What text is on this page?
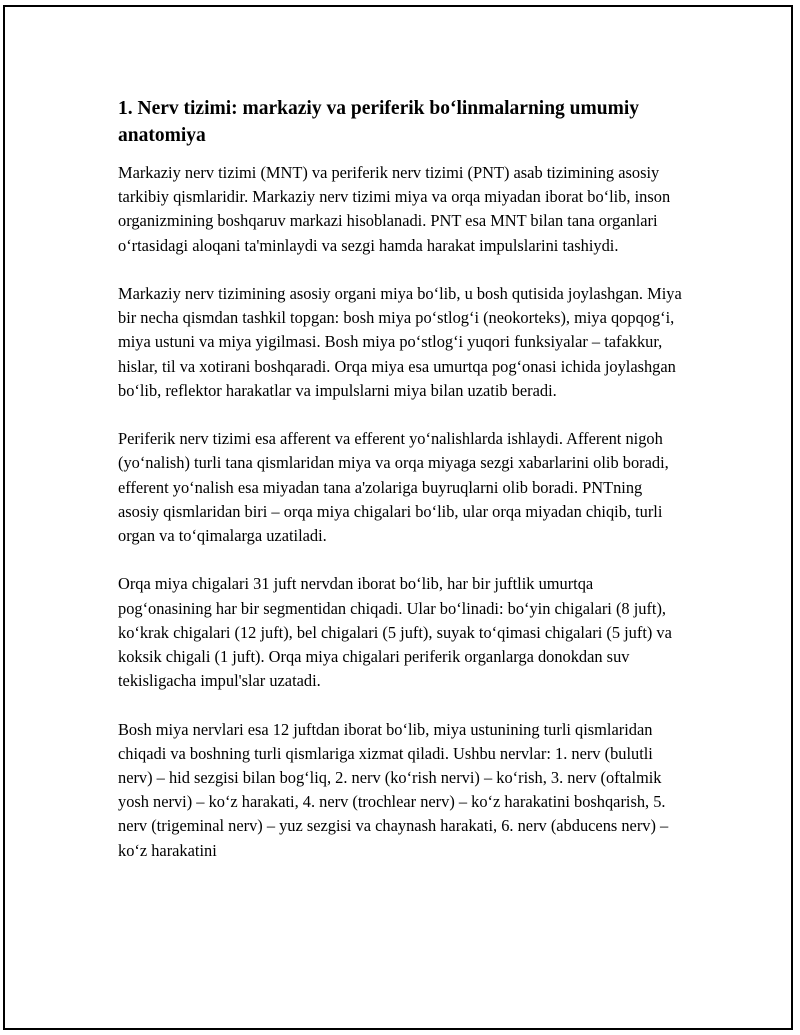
1. Nerv tizimi: markaziy va periferik bo‘linmalarning umumiy anatomiya

Markaziy nerv tizimi (MNT) va periferik nerv tizimi (PNT) asab tizimining asosiy tarkibiy qismlaridir. Markaziy nerv tizimi miya va orqa miyadan iborat bo‘lib, inson organizmining boshqaruv markazi hisoblanadi. PNT esa MNT bilan tana organlari o‘rtasidagi aloqani ta'minlaydi va sezgi hamda harakat impulslarini tashiydi.

Markaziy nerv tizimining asosiy organi miya bo‘lib, u bosh qutisida joylashgan. Miya bir necha qismdan tashkil topgan: bosh miya po‘stlog‘i (neokorteks), miya qopqog‘i, miya ustuni va miya yigilmasi. Bosh miya po‘stlog‘i yuqori funksiyalar – tafakkur, hislar, til va xotirani boshqaradi. Orqa miya esa umurtqa pog‘onasi ichida joylashgan bo‘lib, reflektor harakatlar va impulslarni miya bilan uzatib beradi.

Periferik nerv tizimi esa afferent va efferent yo‘nalishlarda ishlaydi. Afferent nigoh (yo‘nalish) turli tana qismlaridan miya va orqa miyaga sezgi xabarlarini olib boradi, efferent yo‘nalish esa miyadan tana a'zolariga buyruqlarni olib boradi. PNTning asosiy qismlaridan biri – orqa miya chigalari bo‘lib, ular orqa miyadan chiqib, turli organ va to‘qimalarga uzatiladi.

Orqa miya chigalari 31 juft nervdan iborat bo‘lib, har bir juftlik umurtqa pog‘onasining har bir segmentidan chiqadi. Ular bo‘linadi: bo‘yin chigalari (8 juft), ko‘krak chigalari (12 juft), bel chigalari (5 juft), suyak to‘qimasi chigalari (5 juft) va koksik chigali (1 juft). Orqa miya chigalari periferik organlarga donokdan suv tekisligacha impul'slar uzatadi.

Bosh miya nervlari esa 12 juftdan iborat bo‘lib, miya ustunining turli qismlaridan chiqadi va boshning turli qismlariga xizmat qiladi. Ushbu nervlar: 1. nerv (bulutli nerv) – hid sezgisi bilan bog‘liq, 2. nerv (ko‘rish nervi) – ko‘rish, 3. nerv (oftalmik yosh nervi) – ko‘z harakati, 4. nerv (trochlear nerv) – ko‘z harakatini boshqarish, 5. nerv (trigeminal nerv) – yuz sezgisi va chaynash harakati, 6. nerv (abducens nerv) – ko‘z harakatini
